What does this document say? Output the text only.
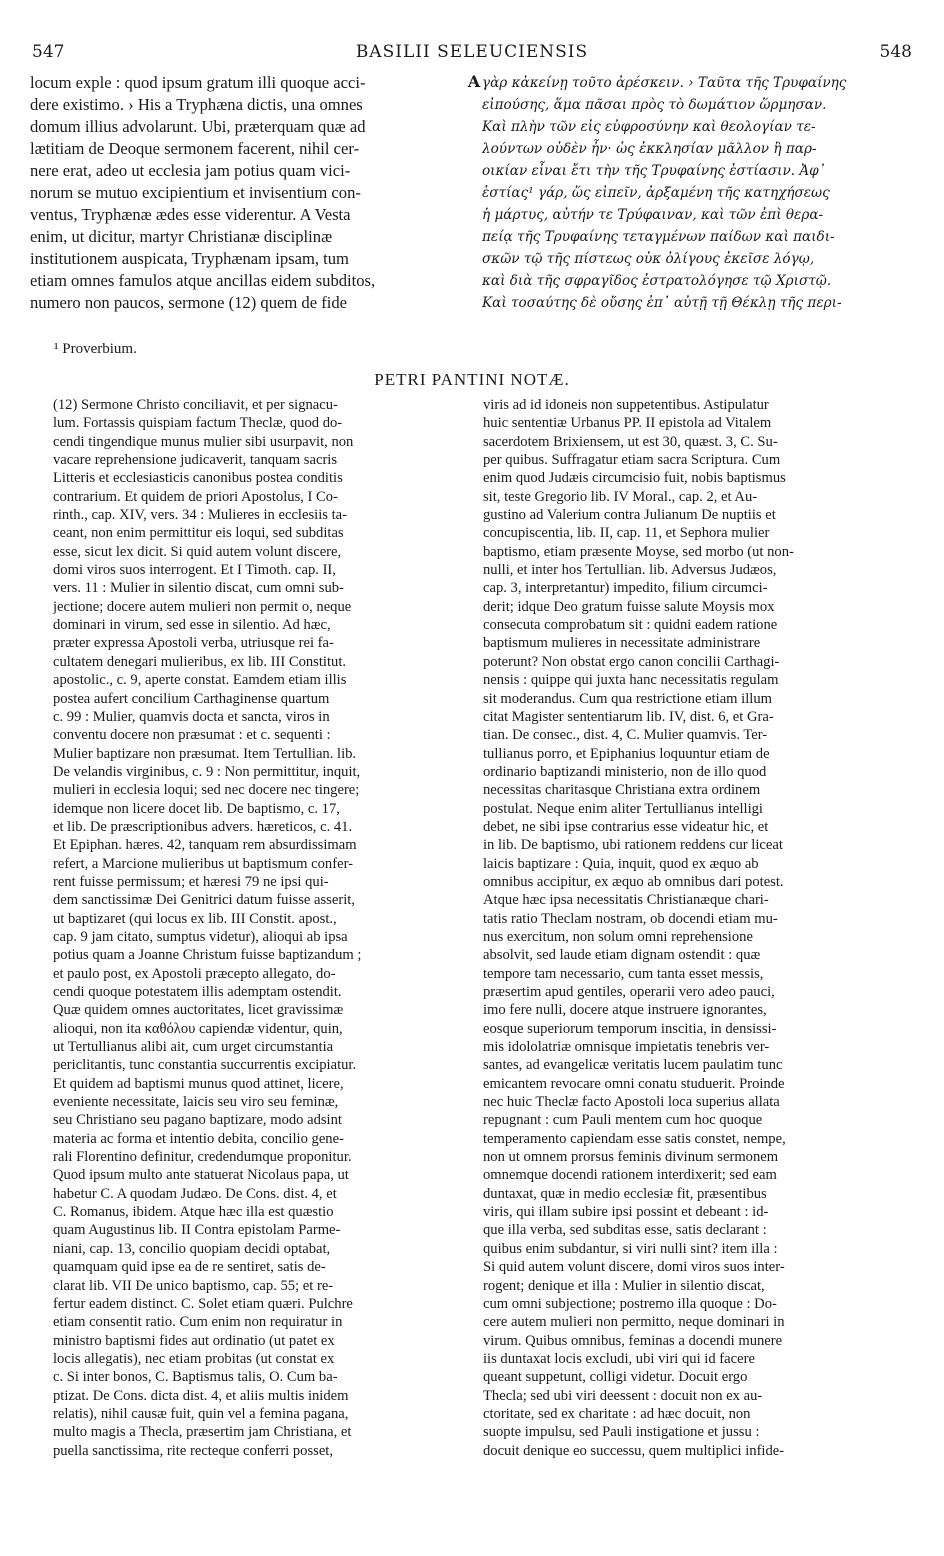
547	BASILII SELEUCIENSIS	548
locum exple : quod ipsum gratum illi quoque acci-
dere existimo. › His a Tryphæna dictis, una omnes
domum illius advolarunt. Ubi, præterquam quæ ad
lætitiam de Deoque sermonem facerent, nihil cer-
nere erat, adeo ut ecclesia jam potius quam vici-
norum se mutuo excipientium et invisentium con-
ventus, Tryphænæ ædes esse viderentur. A Vesta
enim, ut dicitur, martyr Christianæ disciplinæ
institutionem auspicata, Tryphænam ipsam, tum
etiam omnes famulos atque ancillas eidem subditos,
numero non paucos, sermone (12) quem de fide
A γὰρ κἀκείνῃ τοῦτο ἀρέσκειν. › Ταῦτα τῆς Τρυφαίνης
εἰπούσης, ἅμα πᾶσαι πρὸς τὸ δωμάτιον ὥρμησαν.
Καὶ πλὴν τῶν εἰς εὐφροσύνην καὶ θεολογίαν τε-
λούντων οὐδὲν ἦν· ὡς ἐκκλησίαν μᾶλλον ἢ παρ-
οικίαν εἶναι ἔτι τὴν τῆς Τρυφαίνης ἑστίασιν. Ἀφ᾿
ἑστίας¹ γάρ, ὥς εἰπεῖν, ἀρξαμένη τῆς κατηχήσεως
ἡ μάρτυς, αὐτήν τε Τρύφαιναν, καὶ τῶν ἐπὶ θερα-
πείᾳ τῆς Τρυφαίνης τεταγμένων παίδων καὶ παιδι-
σκῶν τῷ τῆς πίστεως οὐκ ὀλίγους ἐκεῖσε λόγῳ,
καὶ διὰ τῆς σφραγῖδος ἐστρατολόγησε τῷ Χριστῷ.
Καὶ τοσαύτης δὲ οὔσης ἐπ᾿ αὐτῇ τῇ Θέκλῃ τῆς περι-
¹ Proverbium.
PETRI PANTINI NOTÆ.
(12) Sermone Christo conciliavit, et per signacu-
lum. Fortassis quispiam factum Theclæ, quod do-
cendi tingendique munus mulier sibi usurpavit, non
vacare reprehensione judicaverit, tanquam sacris
Litteris et ecclesiasticis canonibus postea conditis
contrarium. Et quidem de priori Apostolus, I Co-
rinth., cap. XIV, vers. 34 : Mulieres in ecclesiis ta-
ceant, non enim permittitur eis loqui, sed subditas
esse, sicut lex dicit. Si quid autem volunt discere,
domi viros suos interrogent. Et I Timoth. cap. II,
vers. 11 : Mulier in silentio discat, cum omni sub-
jectione; docere autem mulieri non permit o, neque
dominari in virum, sed esse in silentio. Ad hæc,
præter expressa Apostoli verba, utriusque rei fa-
cultatem denegari mulieribus, ex lib. III Constitut.
apostolic., c. 9, aperte constat. Eamdem etiam illis
postea aufert concilium Carthaginense quartum
c. 99 : Mulier, quamvis docta et sancta, viros in
conventu docere non præsumat : et c. sequenti :
Mulier baptizare non præsumat. Item Tertullian. lib.
De velandis virginibus, c. 9 : Non permittitur, inquit,
mulieri in ecclesia loqui; sed nec docere nec tingere;
idemque non licere docet lib. De baptismo, c. 17,
et lib. De præscriptionibus advers. hæreticos, c. 41.
Et Epiphan. hæres. 42, tanquam rem absurdissimam
refert, a Marcione mulieribus ut baptismum confer-
rent fuisse permissum; et hæresi 79 ne ipsi qui-
dem sanctissimæ Dei Genitrici datum fuisse asserit,
ut baptizaret (qui locus ex lib. III Constit. apost.,
cap. 9 jam citato, sumptus videtur), alioqui ab ipsa
potius quam a Joanne Christum fuisse baptizandum ;
et paulo post, ex Apostoli præcepto allegato, do-
cendi quoque potestatem illis ademptam ostendit.
Quæ quidem omnes auctoritates, licet gravissimæ
alioqui, non ita καθόλου capiendæ videntur, quin,
ut Tertullianus alibi ait, cum urget circumstantia
periclitantis, tunc constantia succurrentis excipiatur.
Et quidem ad baptismi munus quod attinet, licere,
eveniente necessitate, laicis seu viro seu feminæ,
seu Christiano seu pagano baptizare, modo adsint
materia ac forma et intentio debita, concilio gene-
rali Florentino definitur, credendumque proponitur.
Quod ipsum multo ante statuerat Nicolaus papa, ut
habetur C. A quodam Judæo. De Cons. dist. 4, et
C. Romanus, ibidem. Atque hæc illa est quæstio
quam Augustinus lib. II Contra epistolam Parme-
niani, cap. 13, concilio quopiam decidi optabat,
quamquam quid ipse ea de re sentiret, satis de-
clarat lib. VII De unico baptismo, cap. 55; et re-
fertur eadem distinct. C. Solet etiam quæri. Pulchre
etiam consentit ratio. Cum enim non requiratur in
ministro baptismi fides aut ordinatio (ut patet ex
locis allegatis), nec etiam probitas (ut constat ex
c. Si inter bonos, C. Baptismus talis, O. Cum ba-
ptizat. De Cons. dicta dist. 4, et aliis multis inidem
relatis), nihil causæ fuit, quin vel a femina pagana,
multo magis a Thecla, præsertim jam Christiana, et
puella sanctissima, rite recteque conferri posset,
viris ad id idoneis non suppetentibus. Astipulatur
huic sententiæ Urbanus PP. II epistola ad Vitalem
sacerdotem Brixiensem, ut est 30, quæst. 3, C. Su-
per quibus. Suffragatur etiam sacra Scriptura. Cum
enim quod Judæis circumcisio fuit, nobis baptismus
sit, teste Gregorio lib. IV Moral., cap. 2, et Au-
gustino ad Valerium contra Julianum De nuptiis et
concupiscentia, lib. II, cap. 11, et Sephora mulier
baptismo, etiam præsente Moyse, sed morbo (ut non-
nulli, et inter hos Tertullian. lib. Adversus Judæos,
cap. 3, interpretantur) impedito, filium circumci-
derit; idque Deo gratum fuisse salute Moysis mox
consecuta comprobatum sit : quidni eadem ratione
baptismum mulieres in necessitate administrare
poterunt? Non obstat ergo canon concilii Carthagi-
nensis : quippe qui juxta hanc necessitatis regulam
sit moderandus. Cum qua restrictione etiam illum
citat Magister sententiarum lib. IV, dist. 6, et Gra-
tian. De consec., dist. 4, C. Mulier quamvis. Ter-
tullianus porro, et Epiphanius loquuntur etiam de
ordinario baptizandi ministerio, non de illo quod
necessitas charitasque Christiana extra ordinem
postulat. Neque enim aliter Tertullianus intelligi
debet, ne sibi ipse contrarius esse videatur hic, et
in lib. De baptismo, ubi rationem reddens cur liceat
laicis baptizare : Quia, inquit, quod ex æquo ab
omnibus accipitur, ex æquo ab omnibus dari potest.
Atque hæc ipsa necessitatis Christianæque chari-
tatis ratio Theclam nostram, ob docendi etiam mu-
nus exercitum, non solum omni reprehensione
absolvit, sed laude etiam dignam ostendit : quæ
tempore tam necessario, cum tanta esset messis,
præsertim apud gentiles, operarii vero adeo pauci,
imo fere nulli, docere atque instruere ignorantes,
eosque superiorum temporum inscitia, in densissi-
mis idololatriæ omnisque impietatis tenebris ver-
santes, ad evangelicæ veritatis lucem paulatim tunc
emicantem revocare omni conatu studuerit. Proinde
nec huic Theclæ facto Apostoli loca superius allata
repugnant : cum Pauli mentem cum hoc quoque
temperamento capiendam esse satis constet, nempe,
non ut omnem prorsus feminis divinum sermonem
omnemque docendi rationem interdixerit; sed eam
duntaxat, quæ in medio ecclesiæ fit, præsentibus
viris, qui illam subire ipsi possint et debeant : id-
que illa verba, sed subditas esse, satis declarant :
quibus enim subdantur, si viri nulli sint? item illa :
Si quid autem volunt discere, domi viros suos inter-
rogent; denique et illa : Mulier in silentio discat,
cum omni subjectione; postremo illa quoque : Do-
cere autem mulieri non permitto, neque dominari in
virum. Quibus omnibus, feminas a docendi munere
iis duntaxat locis excludi, ubi viri qui id facere
queant suppetunt, colligi videtur. Docuit ergo
Thecla; sed ubi viri deessent : docuit non ex au-
ctoritate, sed ex charitate : ad hæc docuit, non
suopte impulsu, sed Pauli instigatione et jussu :
docuit denique eo successu, quem multiplici infide-
